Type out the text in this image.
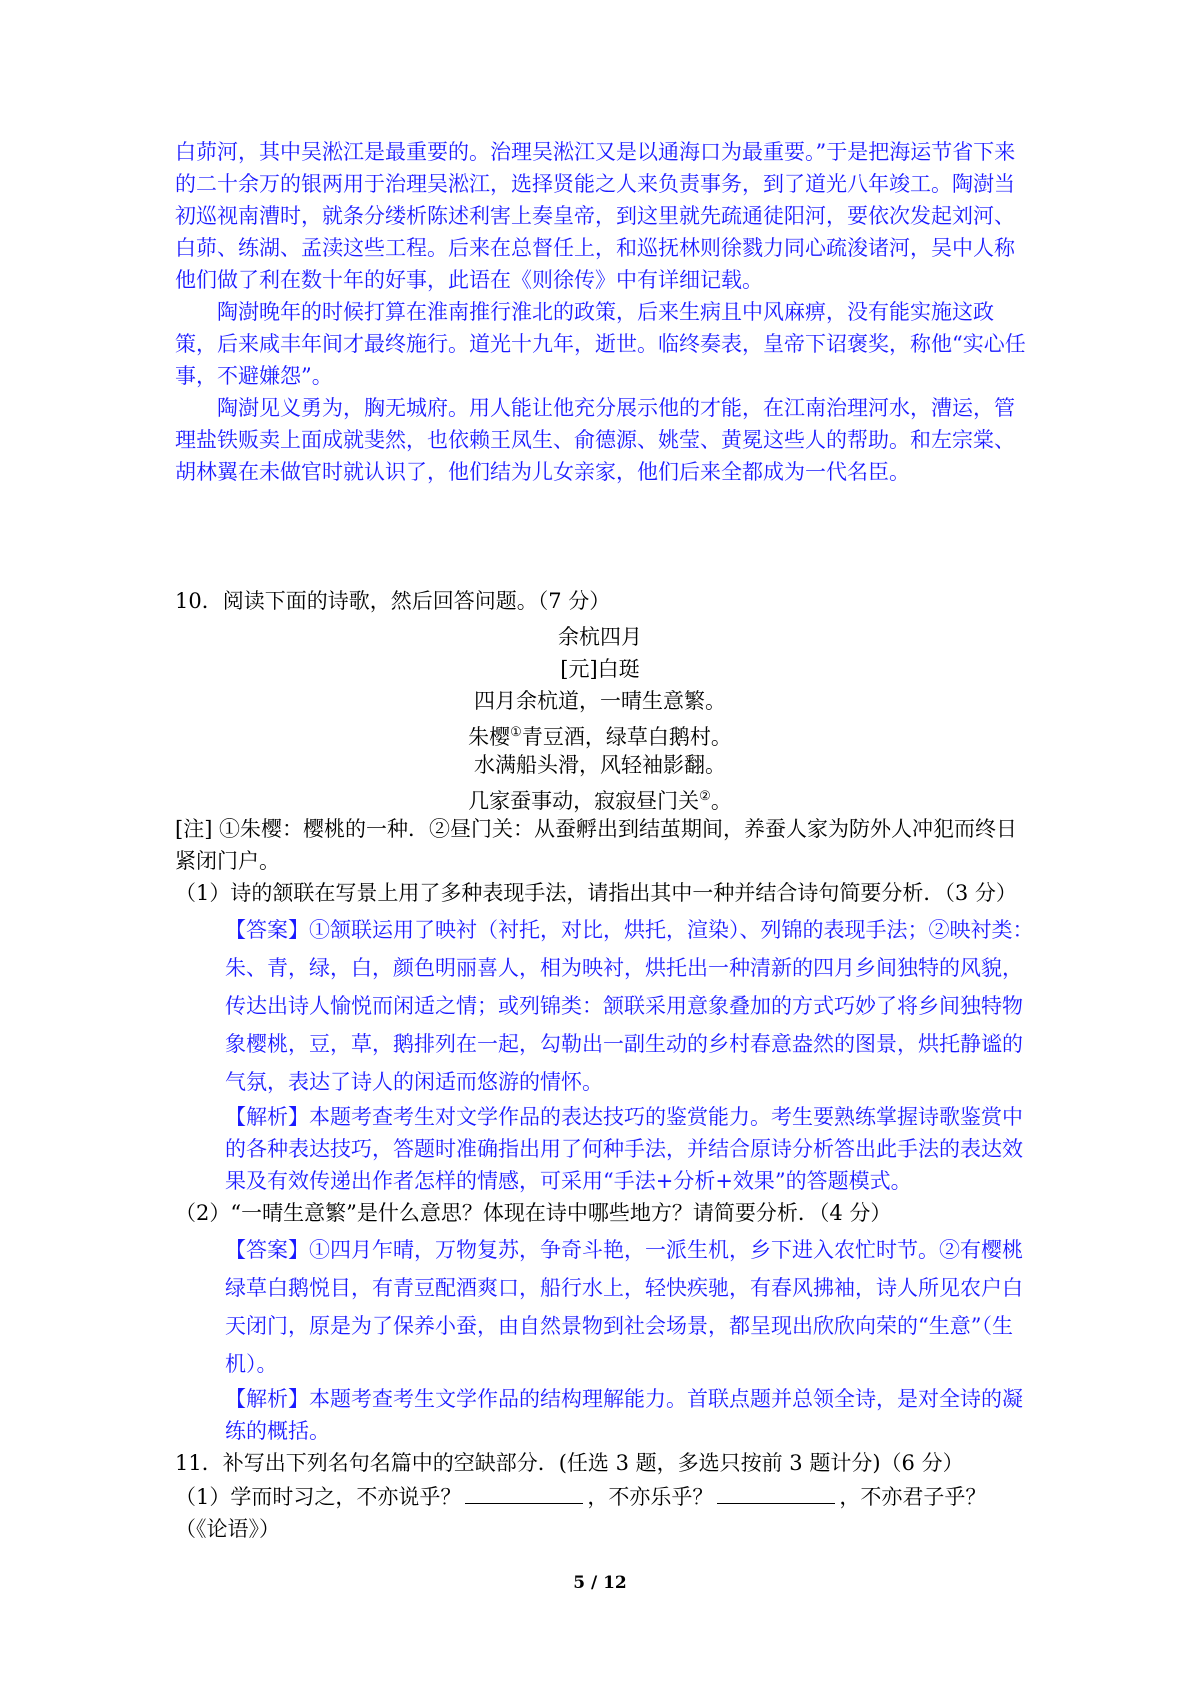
白茆河，其中吴淞江是最重要的。治理吴淞江又是以通海口为最重要。”于是把海运节省下来的二十余万的银两用于治理吴淞江，选择贤能之人来负责事务，到了道光八年竣工。陶澍当初巡视南漕时，就条分缕析陈述利害上奏皇帝，到这里就先疏通徒阳河，要依次发起刘河、白茆、练湖、孟渎这些工程。后来在总督任上，和巡抚林则徐戮力同心疏浚诸河，吴中人称他们做了利在数十年的好事，此语在《则徐传》中有详细记载。

陶澍晚年的时候打算在淮南推行淮北的政策，后来生病且中风麻痹，没有能实施这政策，后来咸丰年间才最终施行。道光十九年，逝世。临终奏表，皇帝下诏褒奖，称他“实心任事，不避嫌怨”。

陶澍见义勇为，胸无城府。用人能让他充分展示他的才能，在江南治理河水，漕运，管理盐铁贩卖上面成就斐然，也依赖王凤生、俞德源、姚莹、黄冕这些人的帮助。和左宗棠、胡林翼在未做官时就认识了，他们结为儿女亲家，他们后来全都成为一代名臣。

10．阅读下面的诗歌，然后回答问题。（7 分）
余杭四月
[元]白珽
四月余杭道，一晴生意繁。
朱樱①青豆酒，绿草白鹅村。
水满船头滑，风轻袖影翻。
几家蚕事动，寂寂昼门关②。

[注] ①朱樱：樱桃的一种．②昼门关：从蚕孵出到结茧期间，养蚕人家为防外人冲犯而终日紧闭门户。

（1）诗的颔联在写景上用了多种表现手法，请指出其中一种并结合诗句简要分析．（3 分）

【答案】①颔联运用了映衬（衬托，对比，烘托，渲染）、列锦的表现手法；②映衬类：朱、青，绿，白，颜色明丽喜人，相为映衬，烘托出一种清新的四月乡间独特的风貌，传达出诗人愉悦而闲适之情；或列锦类：颔联采用意象叠加的方式巧妙了将乡间独特物象樱桃，豆，草，鹅排列在一起，勾勒出一副生动的乡村春意盎然的图景，烘托静谧的气氛，表达了诗人的闲适而悠游的情怀。

【解析】本题考查考生对文学作品的表达技巧的鉴赏能力。考生要熟练掌握诗歌鉴赏中的各种表达技巧，答题时准确指出用了何种手法，并结合原诗分析答出此手法的表达效果及有效传递出作者怎样的情感，可采用“手法+分析+效果”的答题模式。

（2）“一晴生意繁”是什么意思？体现在诗中哪些地方？请简要分析．（4 分）

【答案】①四月乍晴，万物复苏，争奇斗艳，一派生机，乡下进入农忙时节。②有樱桃绿草白鹅悦目，有青豆配酒爽口，船行水上，轻快疾驰，有春风拂袖，诗人所见农户白天闭门，原是为了保养小蚕，由自然景物到社会场景，都呈现出欣欣向荣的“生意”（生机）。

【解析】本题考查考生文学作品的结构理解能力。首联点题并总领全诗，是对全诗的凝练的概括。

11．补写出下列名句名篇中的空缺部分．(任选 3 题，多选只按前 3 题计分)（6 分）
（1）学而时习之，不亦说乎？	，不亦乐乎？	，不亦君子乎？
（《论语》）
5 / 12
